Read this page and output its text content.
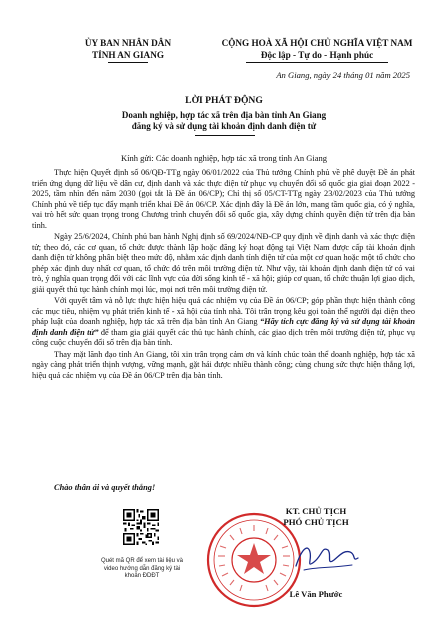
ỦY BAN NHÂN DÂN
TỈNH AN GIANG
CỘNG HOÀ XÃ HỘI CHỦ NGHĨA VIỆT NAM
Độc lập - Tự do - Hạnh phúc
An Giang, ngày 24 tháng 01 năm 2025
LỜI PHÁT ĐỘNG
Doanh nghiệp, hợp tác xã trên địa bàn tỉnh An Giang
đăng ký và sử dụng tài khoản định danh điện tử
Kính gửi: Các doanh nghiệp, hợp tác xã trong tỉnh An Giang

Thực hiện Quyết định số 06/QĐ-TTg ngày 06/01/2022 của Thủ tướng Chính phủ về phê duyệt Đề án phát triển ứng dụng dữ liệu về dân cư, định danh và xác thực điện tử phục vụ chuyển đổi số quốc gia giai đoạn 2022 - 2025, tầm nhìn đến năm 2030 (gọi tắt là Đề án 06/CP); Chỉ thị số 05/CT-TTg ngày 23/02/2023 của Thủ tướng Chính phủ về tiếp tục đẩy mạnh triển khai Đề án 06/CP. Xác định đây là Đề án lớn, mang tầm quốc gia, có ý nghĩa, vai trò hết sức quan trọng trong Chương trình chuyển đổi số quốc gia, xây dựng chính quyền điện tử trên địa bàn tỉnh.

Ngày 25/6/2024, Chính phủ ban hành Nghị định số 69/2024/NĐ-CP quy định về định danh và xác thực điện tử; theo đó, các cơ quan, tổ chức được thành lập hoặc đăng ký hoạt động tại Việt Nam được cấp tài khoản định danh điện tử không phân biệt theo mức độ, nhằm xác định danh tính điện tử của một cơ quan hoặc một tổ chức cho phép xác định duy nhất cơ quan, tổ chức đó trên môi trường điện tử. Như vậy, tài khoản định danh điện tử có vai trò, ý nghĩa quan trọng đối với các lĩnh vực của đời sống kinh tế - xã hội; giúp cơ quan, tổ chức thuận lợi giao dịch, giải quyết thủ tục hành chính mọi lúc, mọi nơi trên môi trường điện tử.

Với quyết tâm và nỗ lực thực hiện hiệu quả các nhiệm vụ của Đề án 06/CP; góp phần thực hiện thành công các mục tiêu, nhiệm vụ phát triển kinh tế - xã hội của tỉnh nhà. Tôi trân trọng kêu gọi toàn thể người đại diện theo pháp luật của doanh nghiệp, hợp tác xã trên địa bàn tỉnh An Giang “Hãy tích cực đăng ký và sử dụng tài khoản định danh điện tử” để tham gia giải quyết các thủ tục hành chính, các giao dịch trên môi trường điện tử, phục vụ công cuộc chuyển đổi số trên địa bàn tỉnh.

Thay mặt lãnh đạo tỉnh An Giang, tôi xin trân trọng cảm ơn và kính chúc toàn thể doanh nghiệp, hợp tác xã ngày càng phát triển thịnh vượng, vững mạnh, gặt hái được nhiều thành công; cùng chung sức thực hiện thắng lợi, hiệu quả các nhiệm vụ của Đề án 06/CP trên địa bàn tỉnh.

Chào thân ái và quyết thắng!
Quét mã QR để xem tài liệu và video hướng dẫn đăng ký tài khoản ĐDĐT
KT. CHỦ TỊCH
PHÓ CHỦ TỊCH
Lê Văn Phước
